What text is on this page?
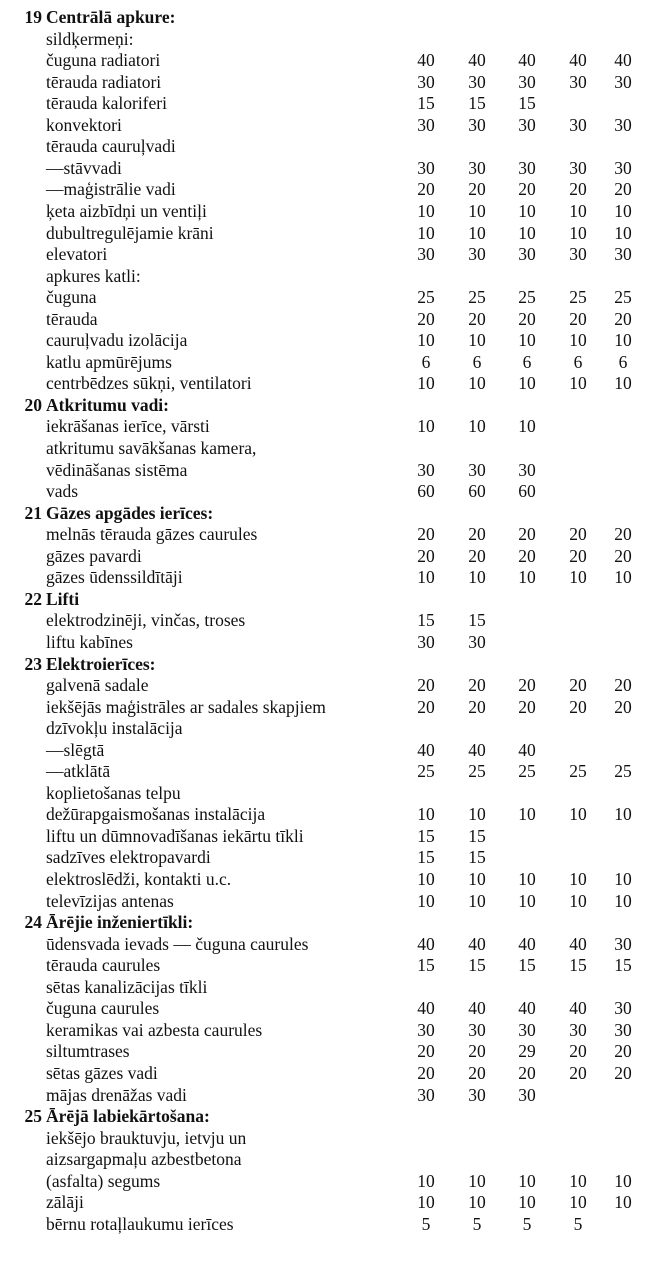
19 Centrālā apkure:
sildķermeņi:
čuguna radiatori	40	40	40	40	40
tērauda radiatori	30	30	30	30	30
tērauda kaloriferi	15	15	15
konvektori	30	30	30	30	30
tērauda cauruļvadi
—stāvvadi	30	30	30	30	30
—maģistrālie vadi	20	20	20	20	20
ķeta aizbīdņi un ventiļi	10	10	10	10	10
dubultregulējamie krāni	10	10	10	10	10
elevatori	30	30	30	30	30
apkures katli:
čuguna	25	25	25	25	25
tērauda	20	20	20	20	20
cauruļvadu izolācija	10	10	10	10	10
katlu apmūrējums	6	6	6	6	6
centrbēdzes sūkņi, ventilatori	10	10	10	10	10
20 Atkritumu vadi:
iekrāšanas ierīce, vārsti	10	10	10
atkritumu savākšanas kamera,
vēdināšanas sistēma	30	30	30
vads	60	60	60
21 Gāzes apgādes ierīces:
melnās tērauda gāzes caurules	20	20	20	20	20
gāzes pavardi	20	20	20	20	20
gāzes ūdenssildītāji	10	10	10	10	10
22 Lifti
elektrodzinēji, vinčas, troses	15	15
liftu kabīnes	30	30
23 Elektroierīces:
galvenā sadale	20	20	20	20	20
iekšējās maģistrāles ar sadales skapjiem	20	20	20	20	20
dzīvokļu instalācija
—slēgtā	40	40	40
—atklātā	25	25	25	25	25
koplietošanas telpu
dežūrapgaismošanas instalācija	10	10	10	10	10
liftu un dūmnovadīšanas iekārtu tīkli	15	15
sadzīves elektropavardi	15	15
elektroslēdži, kontakti u.c.	10	10	10	10	10
televīzijas antenas	10	10	10	10	10
24 Ārējie inženiertīkli:
ūdensvada ievads — čuguna caurules	40	40	40	40	30
tērauda caurules	15	15	15	15	15
sētas kanalizācijas tīkli
čuguna caurules	40	40	40	40	30
keramikas vai azbesta caurules	30	30	30	30	30
siltumtrases	20	20	29	20	20
sētas gāzes vadi	20	20	20	20	20
mājas drenāžas vadi	30	30	30
25 Ārējā labiekārtošana:
iekšējo brauktuvju, ietvju un
aizsargapmaļu azbestbetona
(asfalta) segums	10	10	10	10	10
zālāji	10	10	10	10	10
bērnu rotaļlaukumu ierīces	5	5	5	5
